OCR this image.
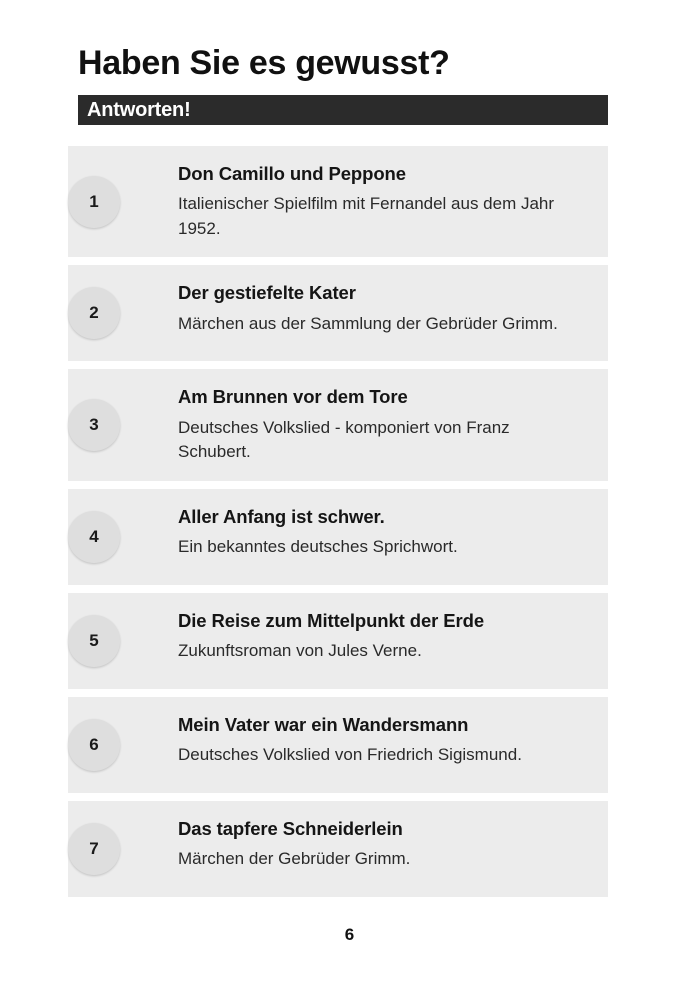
Haben Sie es gewusst?
Antworten!
1
Don Camillo und Peppone
Italienischer Spielfilm mit Fernandel aus dem Jahr 1952.
2
Der gestiefelte Kater
Märchen aus der Sammlung der Gebrüder Grimm.
3
Am Brunnen vor dem Tore
Deutsches Volkslied - komponiert von Franz Schubert.
4
Aller Anfang ist schwer.
Ein bekanntes deutsches Sprichwort.
5
Die Reise zum Mittelpunkt der Erde
Zukunftsroman von Jules Verne.
6
Mein Vater war ein Wandersmann
Deutsches Volkslied von Friedrich Sigismund.
7
Das tapfere Schneiderlein
Märchen der Gebrüder Grimm.
6
